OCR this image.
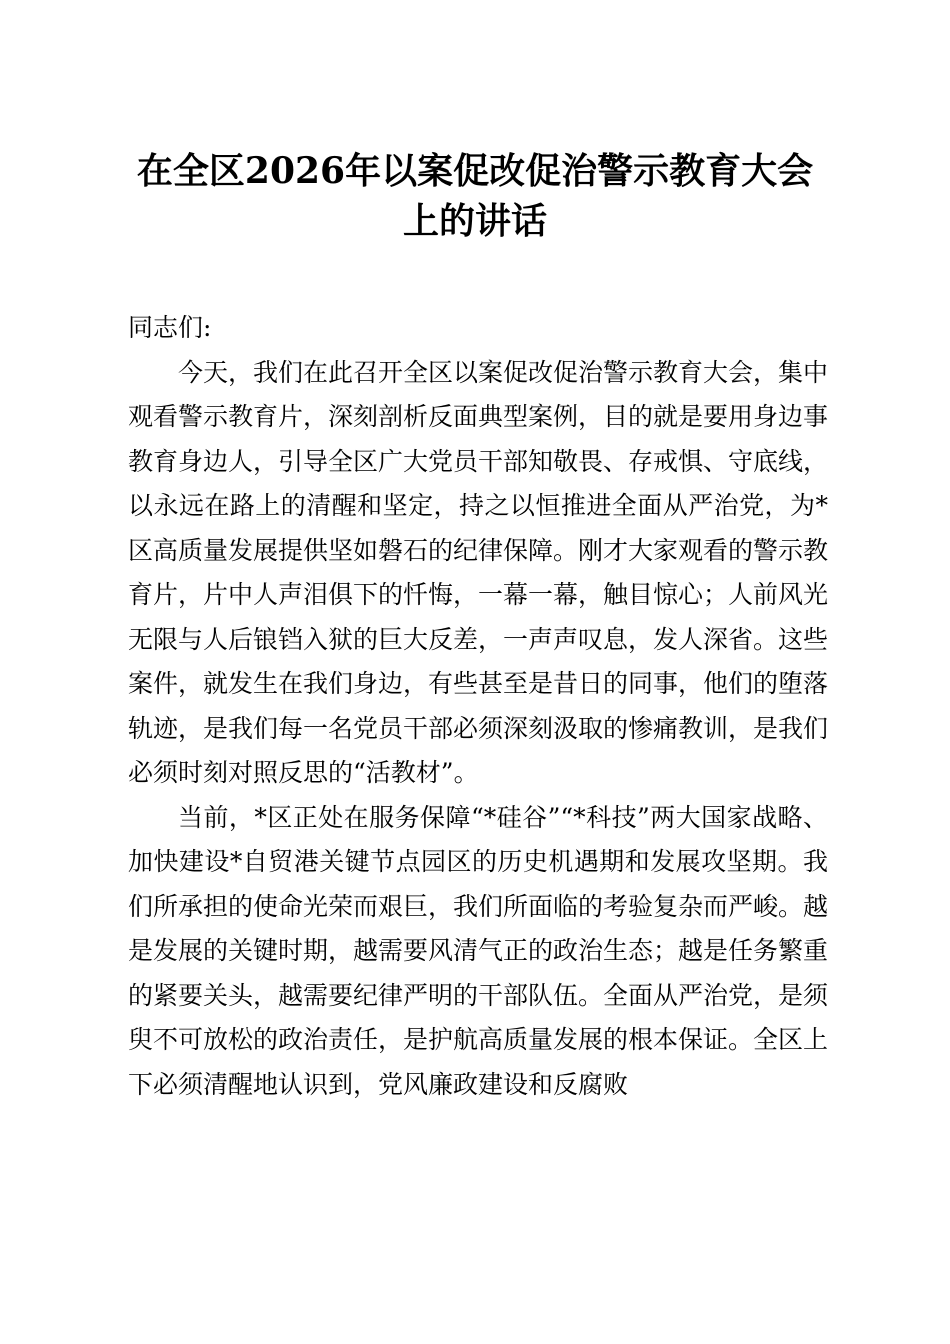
在全区2026年以案促改促治警示教育大会上的讲话

同志们:

今天，我们在此召开全区以案促改促治警示教育大会，集中观看警示教育片，深刻剖析反面典型案例，目的就是要用身边事教育身边人，引导全区广大党员干部知敬畏、存戒惧、守底线，以永远在路上的清醒和坚定，持之以恒推进全面从严治党，为*区高质量发展提供坚如磐石的纪律保障。刚才大家观看的警示教育片，片中人声泪俱下的忏悔，一幕一幕，触目惊心；人前风光无限与人后锒铛入狱的巨大反差，一声声叹息，发人深省。这些案件，就发生在我们身边，有些甚至是昔日的同事，他们的堕落轨迹，是我们每一名党员干部必须深刻汲取的惨痛教训，是我们必须时刻对照反思的“活教材”。

当前，*区正处在服务保障“*硅谷”“*科技”两大国家战略、加快建设*自贸港关键节点园区的历史机遇期和发展攻坚期。我们所承担的使命光荣而艰巨，我们所面临的考验复杂而严峻。越是发展的关键时期，越需要风清气正的政治生态；越是任务繁重的紧要关头，越需要纪律严明的干部队伍。全面从严治党，是须臾不可放松的政治责任，是护航高质量发展的根本保证。全区上下必须清醒地认识到，党风廉政建设和反腐败
